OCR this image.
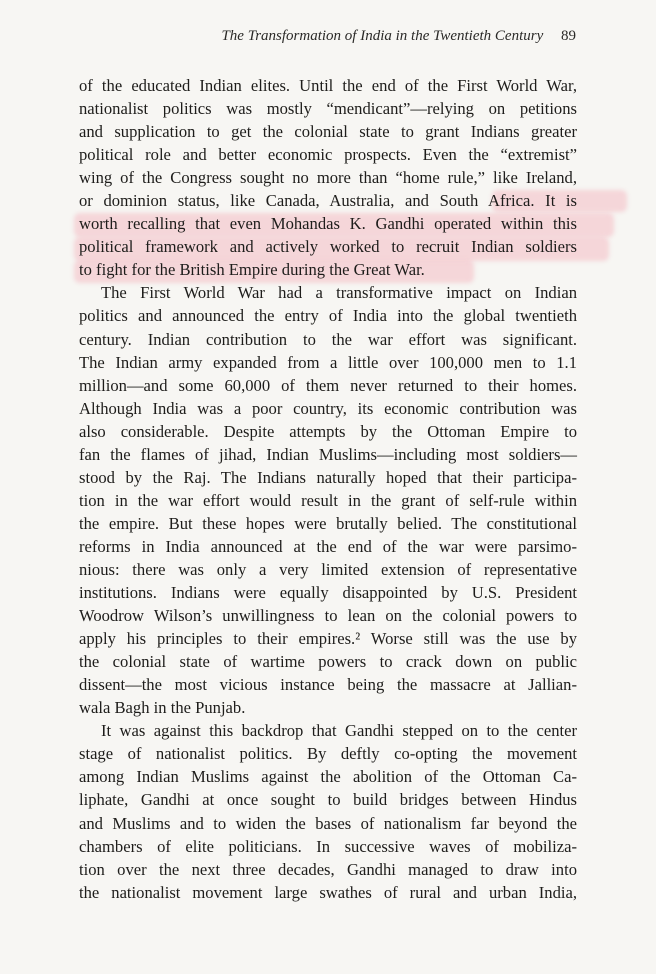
The Transformation of India in the Twentieth Century 89
of the educated Indian elites. Until the end of the First World War,
nationalist politics was mostly “mendicant”—relying on petitions
and supplication to get the colonial state to grant Indians greater
political role and better economic prospects. Even the “extremist”
wing of the Congress sought no more than “home rule,” like Ireland,
or dominion status, like Canada, Australia, and South Africa. It is
worth recalling that even Mohandas K. Gandhi operated within this
political framework and actively worked to recruit Indian soldiers
to fight for the British Empire during the Great War.
The First World War had a transformative impact on Indian
politics and announced the entry of India into the global twentieth
century. Indian contribution to the war effort was significant.
The Indian army expanded from a little over 100,000 men to 1.1
million—and some 60,000 of them never returned to their homes.
Although India was a poor country, its economic contribution was
also considerable. Despite attempts by the Ottoman Empire to
fan the flames of jihad, Indian Muslims—including most soldiers—
stood by the Raj. The Indians naturally hoped that their participa-
tion in the war effort would result in the grant of self-rule within
the empire. But these hopes were brutally belied. The constitutional
reforms in India announced at the end of the war were parsimo-
nious: there was only a very limited extension of representative
institutions. Indians were equally disappointed by U.S. President
Woodrow Wilson’s unwillingness to lean on the colonial powers to
apply his principles to their empires.² Worse still was the use by
the colonial state of wartime powers to crack down on public
dissent—the most vicious instance being the massacre at Jallian-
wala Bagh in the Punjab.
It was against this backdrop that Gandhi stepped on to the center
stage of nationalist politics. By deftly co-opting the movement
among Indian Muslims against the abolition of the Ottoman Ca-
liphate, Gandhi at once sought to build bridges between Hindus
and Muslims and to widen the bases of nationalism far beyond the
chambers of elite politicians. In successive waves of mobiliza-
tion over the next three decades, Gandhi managed to draw into
the nationalist movement large swathes of rural and urban India,
